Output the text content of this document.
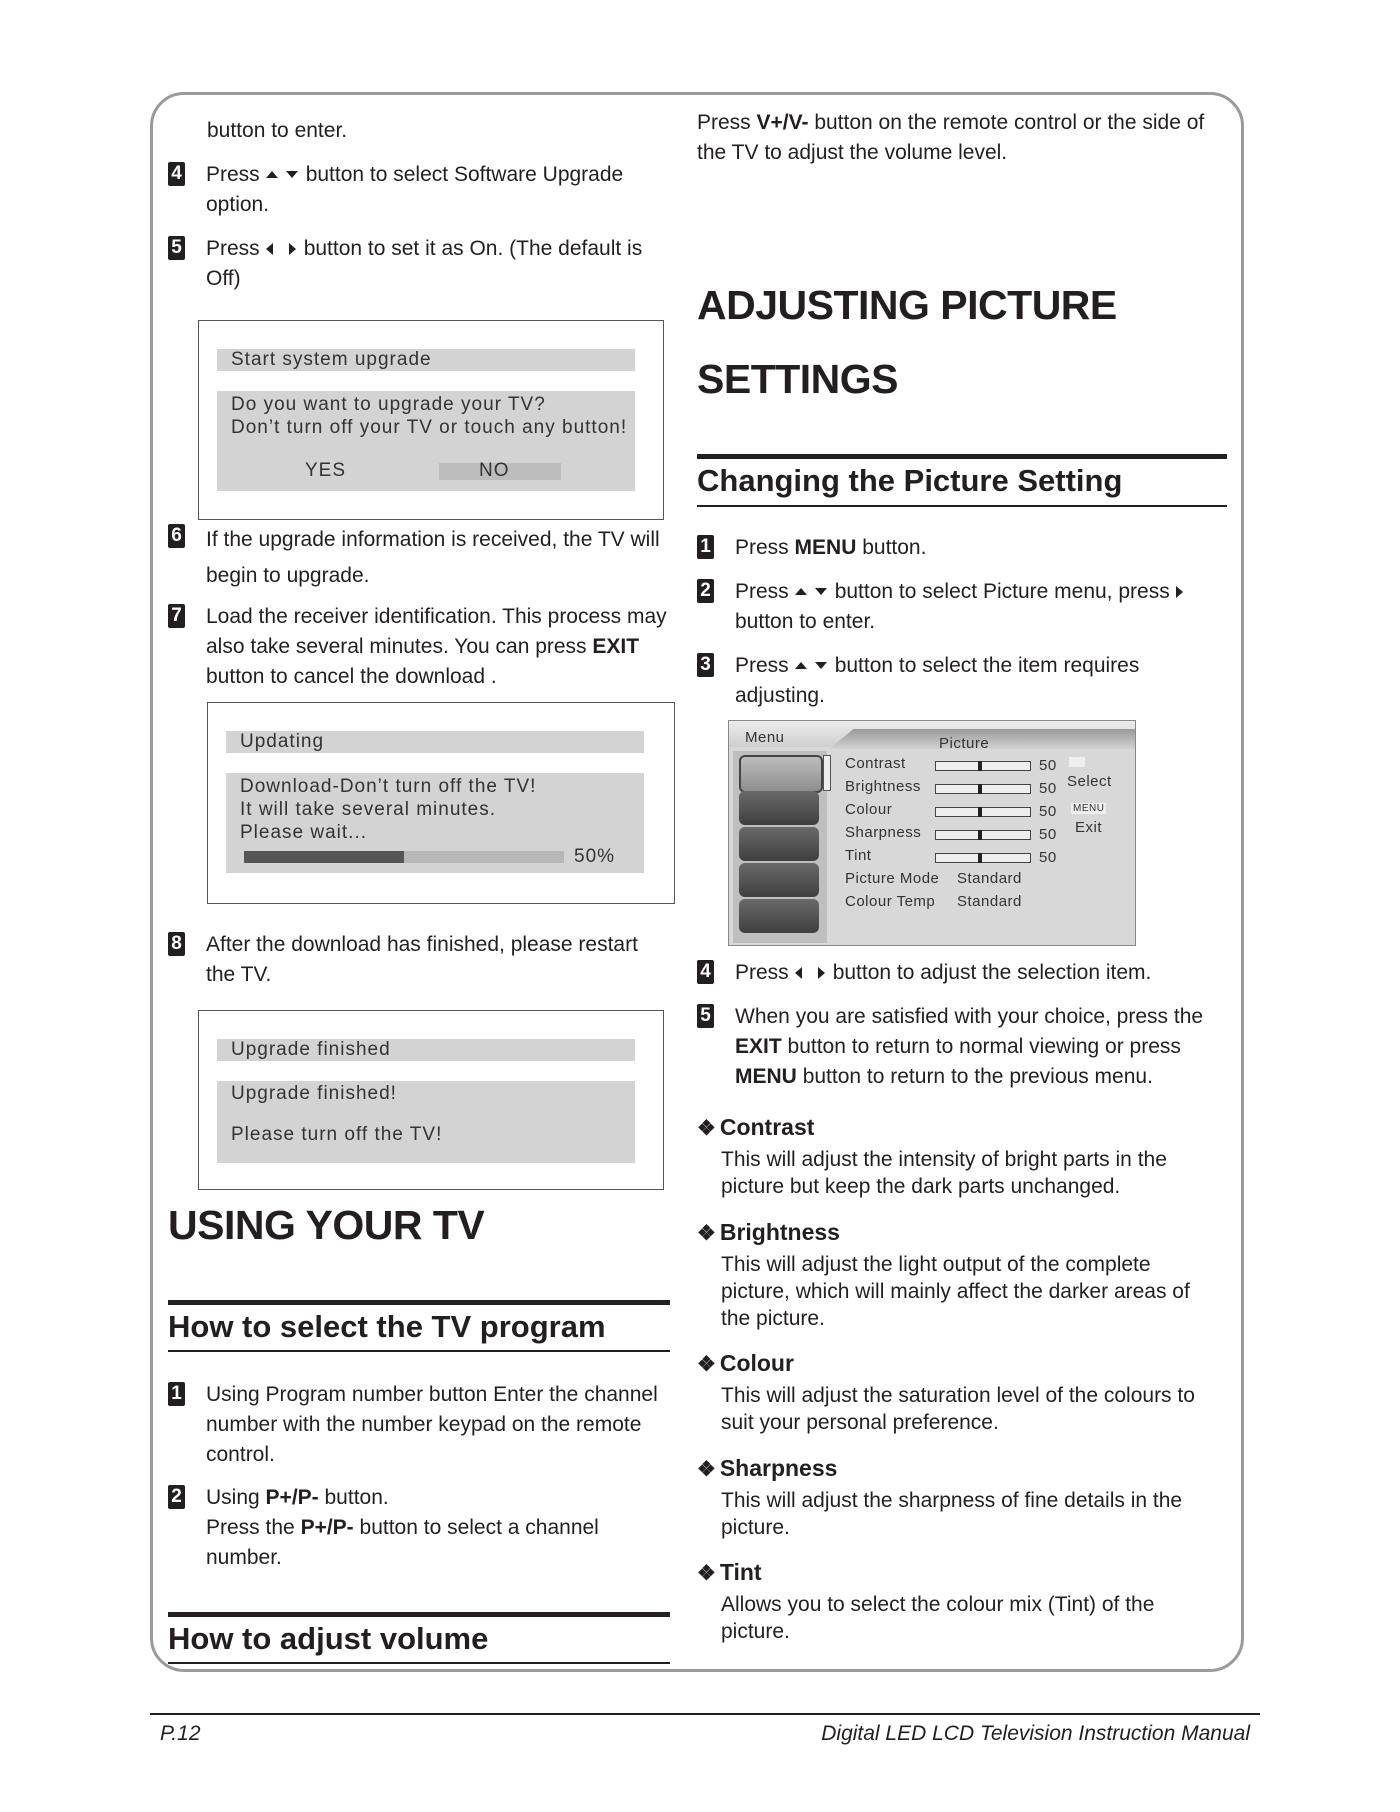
button to enter.

4 Press button to select Software Upgrade
option.
5 Press button to set it as On. (The default is
Off)
Start system upgrade
Do you want to upgrade your TV?
Don’t turn off your TV or touch any button!
YES	NO
6 If the upgrade information is received, the TV will
begin to upgrade.
7 Load the receiver identification. This process may
also take several minutes. You can press EXIT
button to cancel the download .
Updating
Download-Don’t turn off the TV!
It will take several minutes.
Please wait...
50%
8 After the download has finished, please restart
the TV.
Upgrade finished
Upgrade finished!
Please turn off the TV!
USING YOUR TV
How to select the TV program
1 Using Program number button Enter the channel
number with the number keypad on the remote
control.
2 Using P+/P- button.
Press the P+/P- button to select a channel
number.
How to adjust volume
Press V+/V- button on the remote control or the side of
the TV to adjust the volume level.
ADJUSTING PICTURE
SETTINGS
Changing the Picture Setting
1 Press MENU button.
2 Press button to select Picture menu, press
button to enter.
3 Press button to select the item requires
adjusting.
Menu	Picture
Contrast	50
Brightness	50
Colour	50
Sharpness	50
Tint	50
Picture Mode Standard
Colour Temp Standard
Select
MENU
Exit
4 Press button to adjust the selection item.
5 When you are satisfied with your choice, press the
EXIT button to return to normal viewing or press
MENU button to return to the previous menu.
❖ Contrast
This will adjust the intensity of bright parts in the
picture but keep the dark parts unchanged.
❖ Brightness
This will adjust the light output of the complete
picture, which will mainly affect the darker areas of
the picture.
❖ Colour
This will adjust the saturation level of the colours to
suit your personal preference.
❖ Sharpness
This will adjust the sharpness of fine details in the
picture.
❖ Tint
Allows you to select the colour mix (Tint) of the
picture.
P.12	Digital LED LCD Television Instruction Manual
